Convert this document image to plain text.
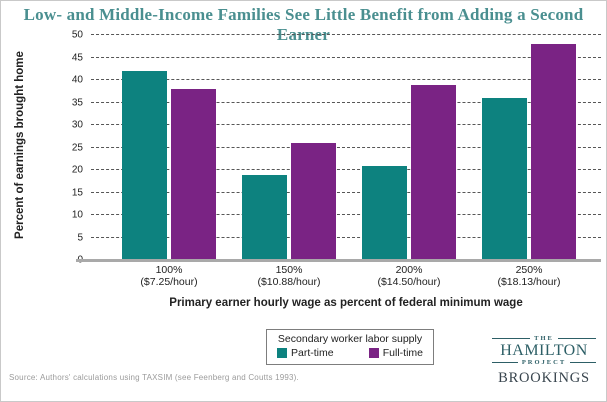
Low- and Middle-Income Families See Little Benefit from Adding a Second Earner
Percent of earnings brought home
0
5
10
15
20
25
30
35
40
45
50
100%
($7.25/hour)
150%
($10.88/hour)
200%
($14.50/hour)
250%
($18.13/hour)
Primary earner hourly wage as percent of federal minimum wage
Secondary worker labor supply
Part-time	Full-time
Source: Authors' calculations using TAXSIM (see Feenberg and Coutts 1993).
THE
HAMILTON
PROJECT
BROOKINGS
